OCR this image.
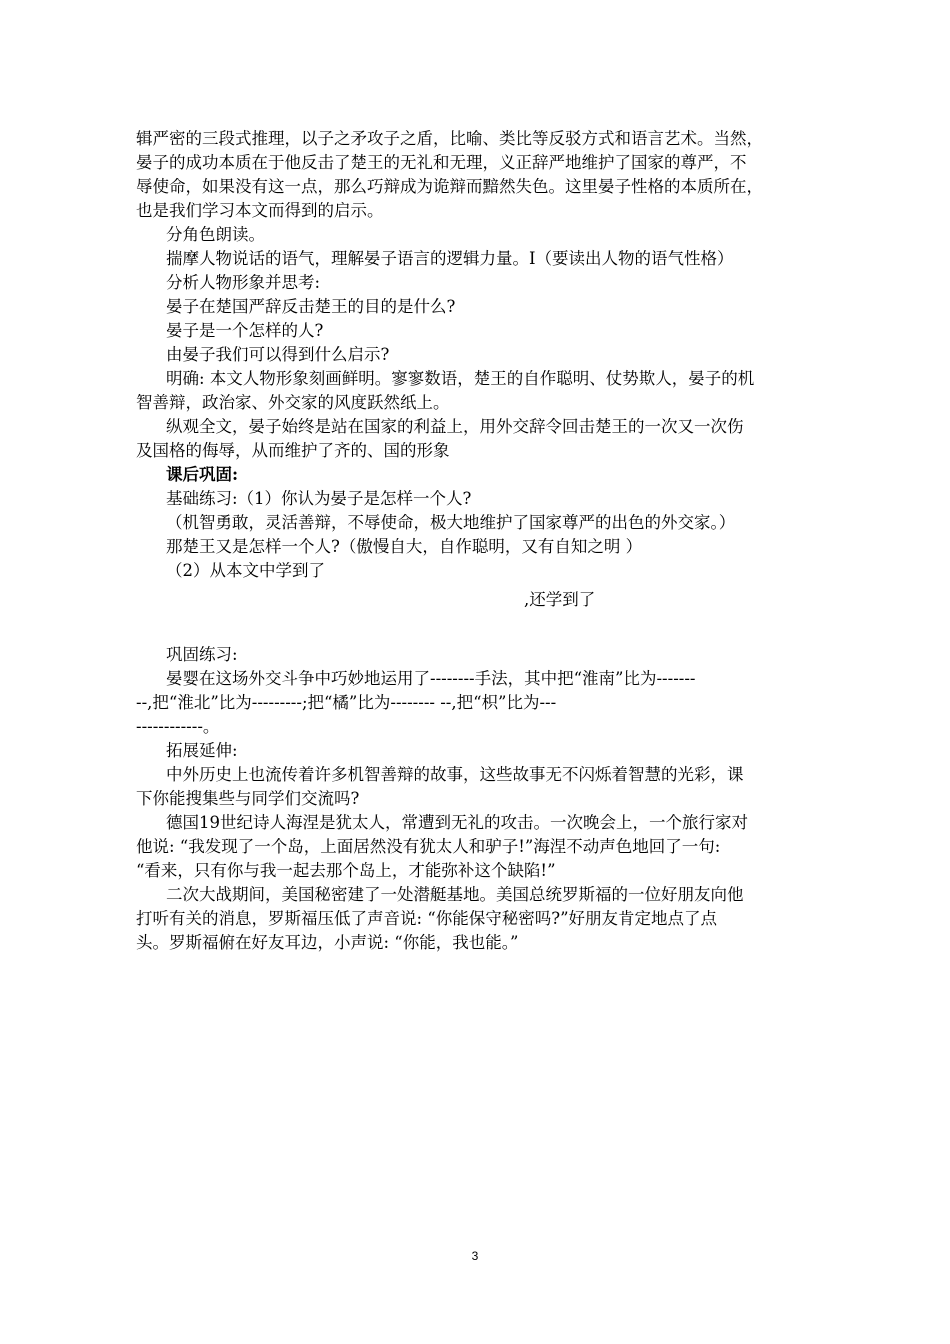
辑严密的三段式推理，以子之矛攻子之盾，比喻、类比等反驳方式和语言艺术。当然，
晏子的成功本质在于他反击了楚王的无礼和无理，义正辞严地维护了国家的尊严，不
辱使命，如果没有这一点，那么巧辩成为诡辩而黯然失色。这里晏子性格的本质所在，
也是我们学习本文而得到的启示。
分角色朗读。
揣摩人物说话的语气，理解晏子语言的逻辑力量。I（要读出人物的语气性格）
分析人物形象并思考:
晏子在楚国严辞反击楚王的目的是什么?
晏子是一个怎样的人?
由晏子我们可以得到什么启示?
明确: 本文人物形象刻画鲜明。寥寥数语，楚王的自作聪明、仗势欺人，晏子的机
智善辩，政治家、外交家的风度跃然纸上。
纵观全文，晏子始终是站在国家的利益上，用外交辞令回击楚王的一次又一次伤
及国格的侮辱，从而维护了齐的、国的形象
课后巩固:
基础练习:（1）你认为晏子是怎样一个人?
（机智勇敢，灵活善辩，不辱使命，极大地维护了国家尊严的出色的外交家。）
那楚王又是怎样一个人?（傲慢自大，自作聪明，又有自知之明 ）
（2）从本文中学到了
,还学到了
巩固练习:
晏婴在这场外交斗争中巧妙地运用了--------手法，其中把“淮南”比为-------
--,把“淮北”比为---------;把“橘”比为-------- --,把“枳”比为---
------------。
拓展延伸:
中外历史上也流传着许多机智善辩的故事，这些故事无不闪烁着智慧的光彩，课
下你能搜集些与同学们交流吗?
德国19世纪诗人海涅是犹太人，常遭到无礼的攻击。一次晚会上，一个旅行家对
他说: “我发现了一个岛，上面居然没有犹太人和驴子!”海涅不动声色地回了一句:
“看来，只有你与我一起去那个岛上，才能弥补这个缺陷!”
二次大战期间，美国秘密建了一处潜艇基地。美国总统罗斯福的一位好朋友向他
打听有关的消息，罗斯福压低了声音说: “你能保守秘密吗?”好朋友肯定地点了点
头。罗斯福俯在好友耳边，小声说: “你能，我也能。”
3
